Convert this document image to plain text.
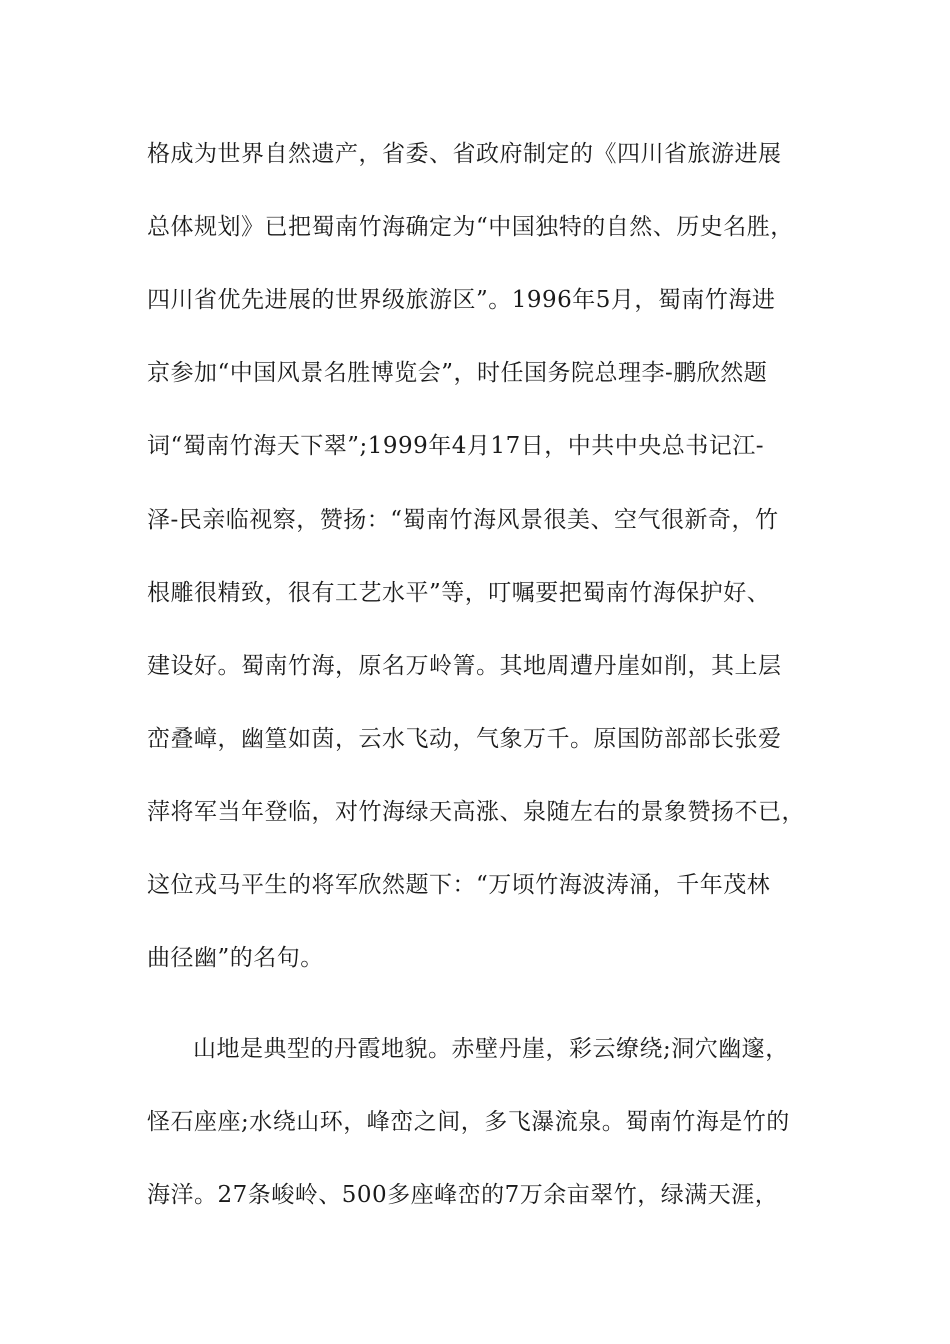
格成为世界自然遗产，省委、省政府制定的《四川省旅游进展
总体规划》已把蜀南竹海确定为“中国独特的自然、历史名胜，
四川省优先进展的世界级旅游区”。1996年5月，蜀南竹海进
京参加“中国风景名胜博览会”，时任国务院总理李-鹏欣然题
词“蜀南竹海天下翠”;1999年4月17日，中共中央总书记江-
泽-民亲临视察，赞扬：“蜀南竹海风景很美、空气很新奇，竹
根雕很精致，很有工艺水平”等，叮嘱要把蜀南竹海保护好、
建设好。蜀南竹海，原名万岭箐。其地周遭丹崖如削，其上层
峦叠嶂，幽篁如茵，云水飞动，气象万千。原国防部部长张爱
萍将军当年登临，对竹海绿天高涨、泉随左右的景象赞扬不已，
这位戎马平生的将军欣然题下：“万顷竹海波涛涌，千年茂林
曲径幽”的名句。
山地是典型的丹霞地貌。赤壁丹崖，彩云缭绕;洞穴幽邃，
怪石座座;水绕山环，峰峦之间，多飞瀑流泉。蜀南竹海是竹的
海洋。27条峻岭、500多座峰峦的7万余亩翠竹，绿满天涯，
